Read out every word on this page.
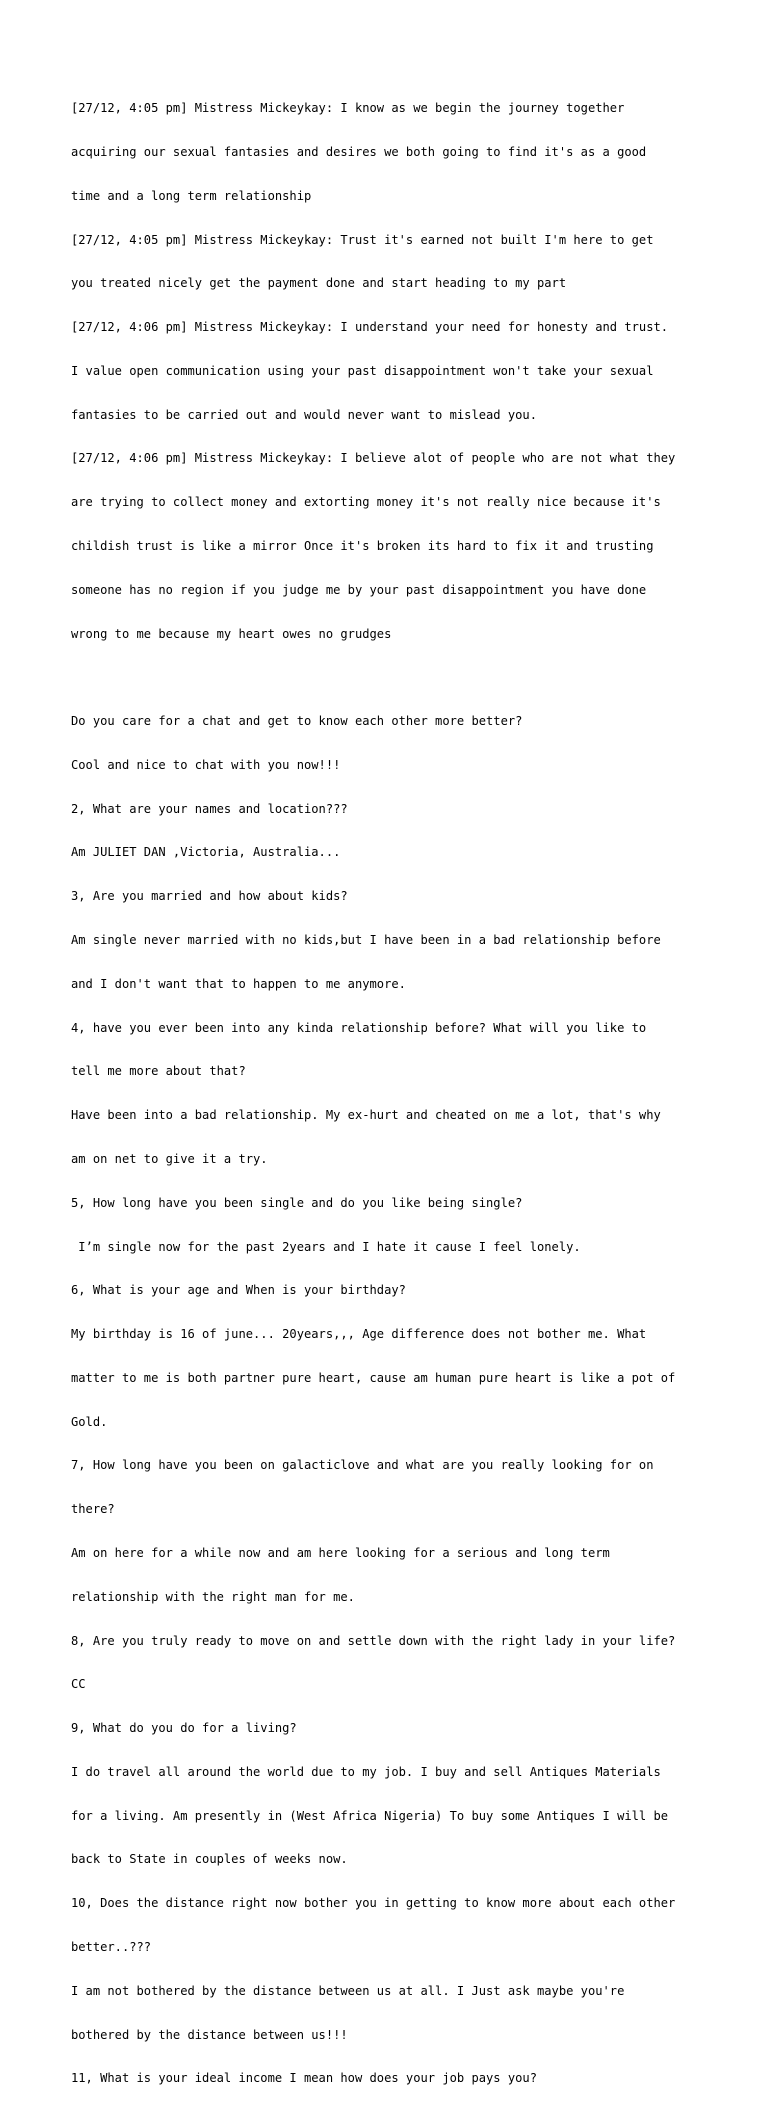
[27/12, 4:05 pm] Mistress Mickeykay: I know as we begin the journey together

acquiring our sexual fantasies and desires we both going to find it's as a good

time and a long term relationship

[27/12, 4:05 pm] Mistress Mickeykay: Trust it's earned not built I'm here to get

you treated nicely get the payment done and start heading to my part

[27/12, 4:06 pm] Mistress Mickeykay: I understand your need for honesty and trust.

I value open communication using your past disappointment won't take your sexual

fantasies to be carried out and would never want to mislead you.

[27/12, 4:06 pm] Mistress Mickeykay: I believe alot of people who are not what they

are trying to collect money and extorting money it's not really nice because it's

childish trust is like a mirror Once it's broken its hard to fix it and trusting

someone has no region if you judge me by your past disappointment you have done

wrong to me because my heart owes no grudges

Do you care for a chat and get to know each other more better?

Cool and nice to chat with you now!!!

2, What are your names and location???

Am JULIET DAN ,Victoria, Australia...

3, Are you married and how about kids?

Am single never married with no kids,but I have been in a bad relationship before

and I don't want that to happen to me anymore.

4, have you ever been into any kinda relationship before? What will you like to

tell me more about that?

Have been into a bad relationship. My ex-hurt and cheated on me a lot, that's why

am on net to give it a try.

5, How long have you been single and do you like being single?

I’m single now for the past 2years and I hate it cause I feel lonely.

6, What is your age and When is your birthday?

My birthday is 16 of june... 20years,,, Age difference does not bother me. What

matter to me is both partner pure heart, cause am human pure heart is like a pot of

Gold.

7, How long have you been on galacticlove and what are you really looking for on

there?

Am on here for a while now and am here looking for a serious and long term

relationship with the right man for me.

8, Are you truly ready to move on and settle down with the right lady in your life?

CC

9, What do you do for a living?

I do travel all around the world due to my job. I buy and sell Antiques Materials

for a living. Am presently in (West Africa Nigeria) To buy some Antiques I will be

back to State in couples of weeks now.

10, Does the distance right now bother you in getting to know more about each other

better..???

I am not bothered by the distance between us at all. I Just ask maybe you're

bothered by the distance between us!!!

11, What is your ideal income I mean how does your job pays you?
